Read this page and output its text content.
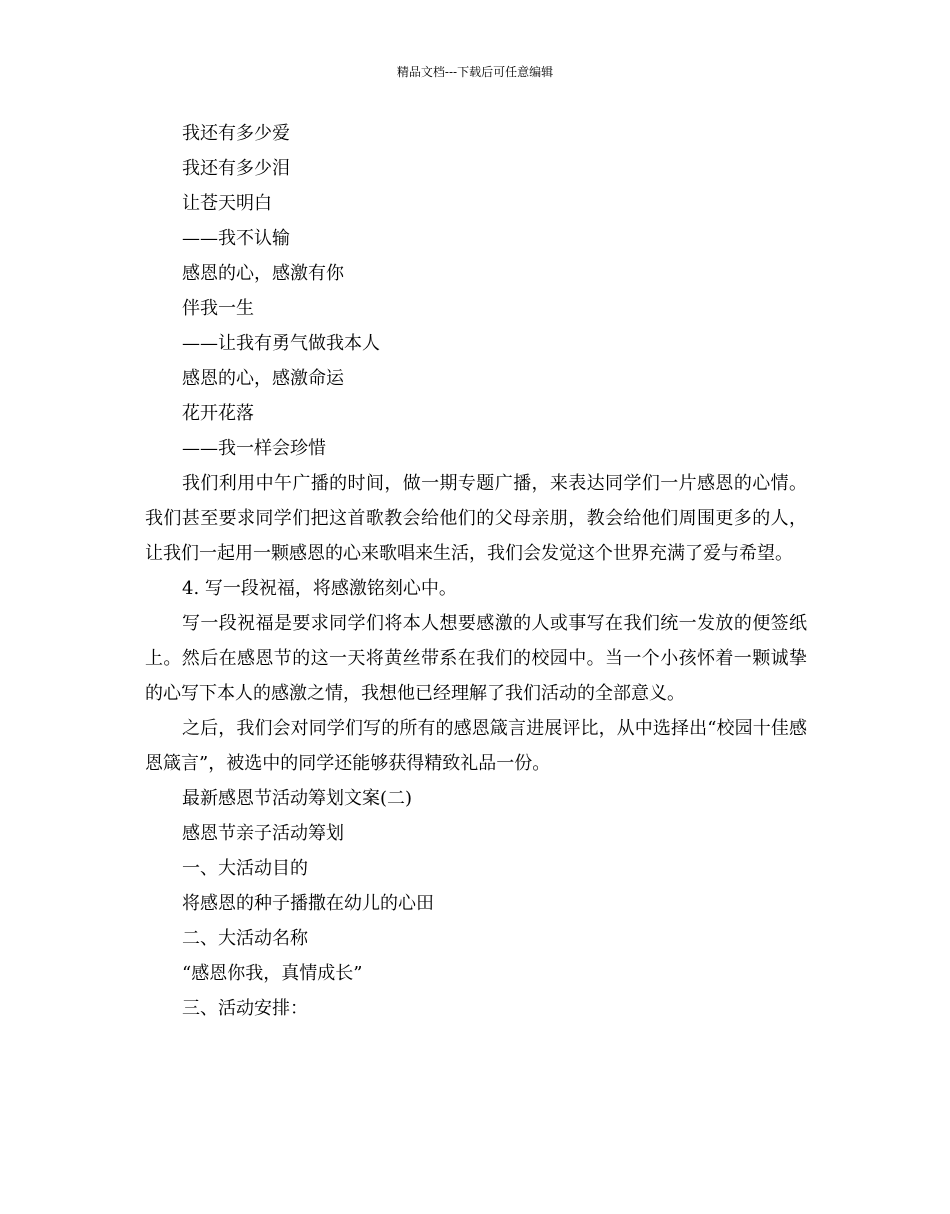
精品文档---下载后可任意编辑

我还有多少爱

我还有多少泪

让苍天明白

——我不认输

感恩的心，感激有你

伴我一生

——让我有勇气做我本人

感恩的心，感激命运

花开花落

——我一样会珍惜

我们利用中午广播的时间，做一期专题广播，来表达同学们一片感恩的心情。我们甚至要求同学们把这首歌教会给他们的父母亲朋，教会给他们周围更多的人，让我们一起用一颗感恩的心来歌唱来生活，我们会发觉这个世界充满了爱与希望。

4. 写一段祝福，将感激铭刻心中。

写一段祝福是要求同学们将本人想要感激的人或事写在我们统一发放的便签纸上。然后在感恩节的这一天将黄丝带系在我们的校园中。当一个小孩怀着一颗诚挚的心写下本人的感激之情，我想他已经理解了我们活动的全部意义。

之后，我们会对同学们写的所有的感恩箴言进展评比，从中选择出“校园十佳感恩箴言”，被选中的同学还能够获得精致礼品一份。

最新感恩节活动筹划文案(二)

感恩节亲子活动筹划

一、大活动目的

将感恩的种子播撒在幼儿的心田

二、大活动名称

“感恩你我，真情成长”

三、活动安排：
